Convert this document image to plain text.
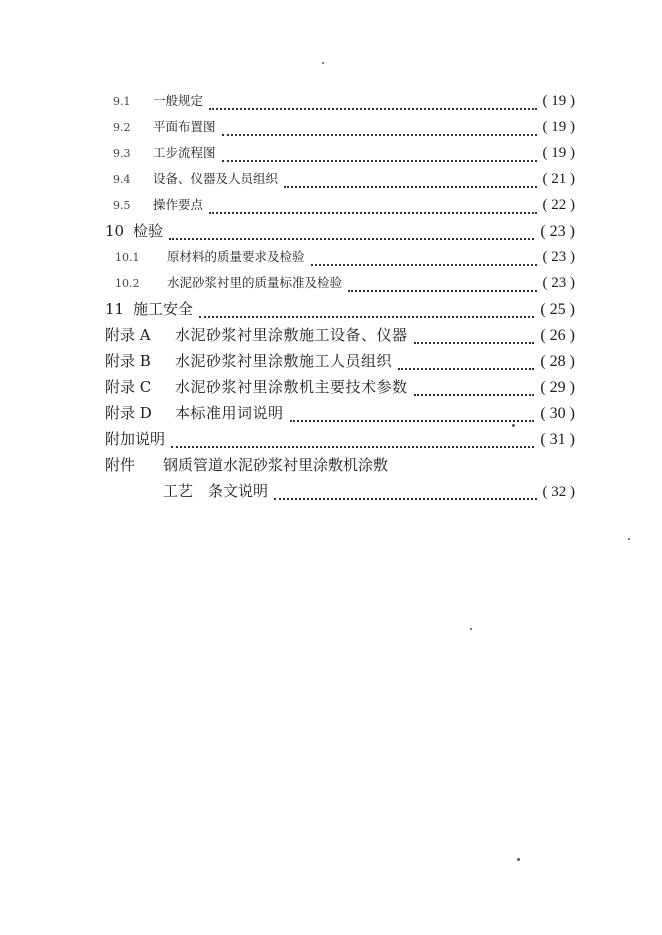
9.1	一般规定	( 19 )
9.2	平面布置图	( 19 )
9.3	工步流程图	( 19 )
9.4	设备、仪器及人员组织	( 21 )
9.5	操作要点	( 22 )
10 检验	( 23 )
10.1	原材料的质量要求及检验	( 23 )
10.2	水泥砂浆衬里的质量标准及检验	( 23 )
11 施工安全	( 25 )
附录 A	水泥砂浆衬里涂敷施工设备、仪器	( 26 )
附录 B	水泥砂浆衬里涂敷施工人员组织	( 28 )
附录 C	水泥砂浆衬里涂敷机主要技术参数	( 29 )
附录 D	本标准用词说明	( 30 )
附加说明	( 31 )
附件	钢质管道水泥砂浆衬里涂敷机涂敷
工艺　条文说明	( 32 )
